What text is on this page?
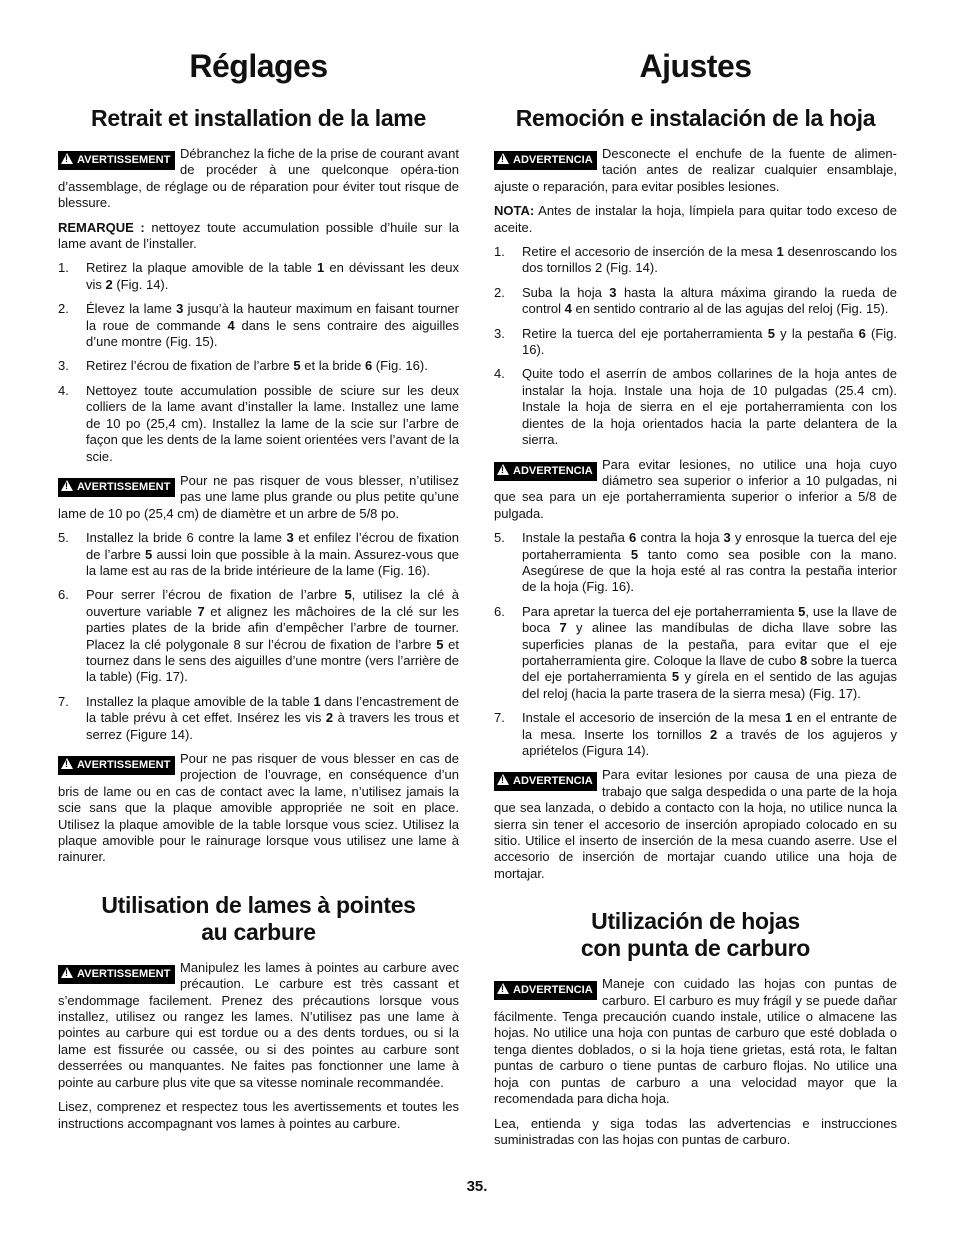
Réglages
Retrait et installation de la lame
!AVERTISSEMENT Débranchez la fiche de la prise de courant avant de procéder à une quelconque opéra-tion d’assemblage, de réglage ou de réparation pour éviter tout risque de blessure.

REMARQUE : nettoyez toute accumulation possible d’huile sur la lame avant de l’installer.

1.	Retirez la plaque amovible de la table 1 en dévissant les deux vis 2 (Fig. 14).
2.	Élevez la lame 3 jusqu’à la hauteur maximum en faisant tourner la roue de commande 4 dans le sens contraire des aiguilles d’une montre (Fig. 15).
3.	Retirez l’écrou de fixation de l’arbre 5 et la bride 6 (Fig. 16).
4.	Nettoyez toute accumulation possible de sciure sur les deux colliers de la lame avant d’installer la lame. Installez une lame de 10 po (25,4 cm). Installez la lame de la scie sur l’arbre de façon que les dents de la lame soient orientées vers l’avant de la scie.
!AVERTISSEMENT Pour ne pas risquer de vous blesser, n’utilisez pas une lame plus grande ou plus petite qu’une lame de 10 po (25,4 cm) de diamètre et un arbre de 5/8 po.
5.	Installez la bride 6 contre la lame 3 et enfilez l’écrou de fixation de l’arbre 5 aussi loin que possible à la main. Assurez-vous que la lame est au ras de la bride intérieure de la lame (Fig. 16).
6.	Pour serrer l’écrou de fixation de l’arbre 5, utilisez la clé à ouverture variable 7 et alignez les mâchoires de la clé sur les parties plates de la bride afin d’empêcher l’arbre de tourner. Placez la clé polygonale 8 sur l’écrou de fixation de l’arbre 5 et tournez dans le sens des aiguilles d’une montre (vers l’arrière de la table) (Fig. 17).
7.	Installez la plaque amovible de la table 1 dans l’encastrement de la table prévu à cet effet. Insérez les vis 2 à travers les trous et serrez (Figure 14).
!AVERTISSEMENT Pour ne pas risquer de vous blesser en cas de projection de l’ouvrage, en conséquence d’un bris de lame ou en cas de contact avec la lame, n’utilisez jamais la scie sans que la plaque amovible appropriée ne soit en place. Utilisez la plaque amovible de la table lorsque vous sciez. Utilisez la plaque amovible pour le rainurage lorsque vous utilisez une lame à rainurer.
Utilisation de lames à pointes
au carbure
!AVERTISSEMENT Manipulez les lames à pointes au carbure avec précaution. Le carbure est très cassant et s’endommage facilement. Prenez des précautions lorsque vous installez, utilisez ou rangez les lames. N’utilisez pas une lame à pointes au carbure qui est tordue ou a des dents tordues, ou si la lame est fissurée ou cassée, ou si des pointes au carbure sont desserrées ou manquantes. Ne faites pas fonctionner une lame à pointe au carbure plus vite que sa vitesse nominale recommandée.

Lisez, comprenez et respectez tous les avertissements et toutes les instructions accompagnant vos lames à pointes au carbure.

Ajustes
Remoción e instalación de la hoja
!ADVERTENCIA Desconecte el enchufe de la fuente de alimen-tación antes de realizar cualquier ensamblaje, ajuste o reparación, para evitar posibles lesiones.

NOTA: Antes de instalar la hoja, límpiela para quitar todo exceso de aceite.

1.	Retire el accesorio de inserción de la mesa 1 desenroscando los dos tornillos 2 (Fig. 14).
2.	Suba la hoja 3 hasta la altura máxima girando la rueda de control 4 en sentido contrario al de las agujas del reloj (Fig. 15).
3.	Retire la tuerca del eje portaherramienta 5 y la pestaña 6 (Fig. 16).
4.	Quite todo el aserrín de ambos collarines de la hoja antes de instalar la hoja. Instale una hoja de 10 pulgadas (25.4 cm). Instale la hoja de sierra en el eje portaherramienta con los dientes de la hoja orientados hacia la parte delantera de la sierra.
!ADVERTENCIA Para evitar lesiones, no utilice una hoja cuyo diámetro sea superior o inferior a 10 pulgadas, ni que sea para un eje portaherramienta superior o inferior a 5/8 de pulgada.
5.	Instale la pestaña 6 contra la hoja 3 y enrosque la tuerca del eje portaherramienta 5 tanto como sea posible con la mano. Asegúrese de que la hoja esté al ras contra la pestaña interior de la hoja (Fig. 16).
6.	Para apretar la tuerca del eje portaherramienta 5, use la llave de boca 7 y alinee las mandíbulas de dicha llave sobre las superficies planas de la pestaña, para evitar que el eje portaherramienta gire. Coloque la llave de cubo 8 sobre la tuerca del eje portaherramienta 5 y gírela en el sentido de las agujas del reloj (hacia la parte trasera de la sierra mesa) (Fig. 17).
7.	Instale el accesorio de inserción de la mesa 1 en el entrante de la mesa. Inserte los tornillos 2 a través de los agujeros y apriételos (Figura 14).
!ADVERTENCIA Para evitar lesiones por causa de una pieza de trabajo que salga despedida o una parte de la hoja que sea lanzada, o debido a contacto con la hoja, no utilice nunca la sierra sin tener el accesorio de inserción apropiado colocado en su sitio. Utilice el inserto de inserción de la mesa cuando aserre. Use el accesorio de inserción de mortajar cuando utilice una hoja de mortajar.
Utilización de hojas
con punta de carburo
!ADVERTENCIA Maneje con cuidado las hojas con puntas de carburo. El carburo es muy frágil y se puede dañar fácilmente. Tenga precaución cuando instale, utilice o almacene las hojas. No utilice una hoja con puntas de carburo que esté doblada o tenga dientes doblados, o si la hoja tiene grietas, está rota, le faltan puntas de carburo o tiene puntas de carburo flojas. No utilice una hoja con puntas de carburo a una velocidad mayor que la recomendada para dicha hoja.

Lea, entienda y siga todas las advertencias e instrucciones suministradas con las hojas con puntas de carburo.

35.
